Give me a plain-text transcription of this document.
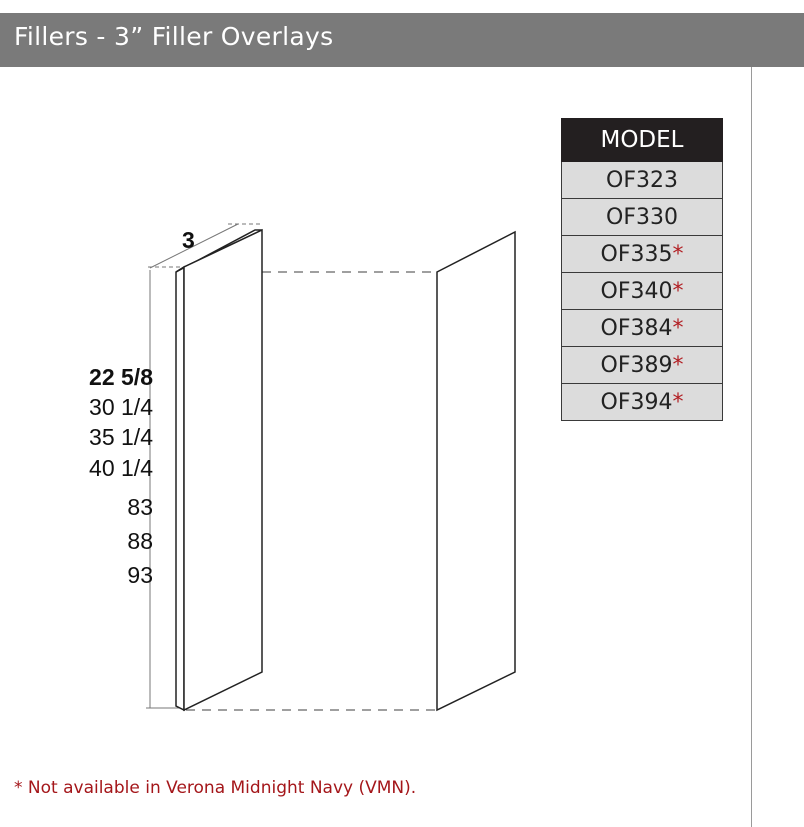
Fillers - 3” Filler Overlays
3
22 5/8
30 1/4
35 1/4
40 1/4
83
88
93
MODEL
OF323
OF330
OF335*
OF340*
OF384*
OF389*
OF394*
* Not available in Verona Midnight Navy (VMN).
